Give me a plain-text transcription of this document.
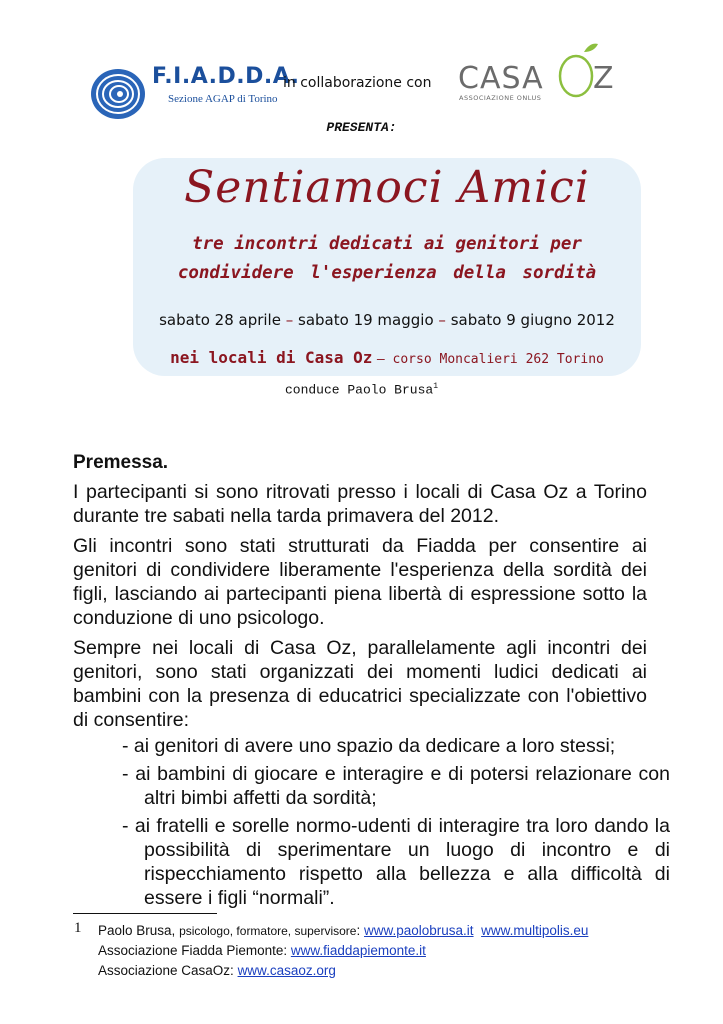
F.I.A.D.D.A.
Sezione AGAP di Torino
in collaborazione con CASA Z
ASSOCIAZIONE ONLUS
PRESENTA:
Sentiamoci Amici
tre incontri dedicati ai genitori per
condividere l'esperienza della sordità
sabato 28 aprile – sabato 19 maggio – sabato 9 giugno 2012
nei locali di Casa Oz – corso Moncalieri 262 Torino
conduce Paolo Brusa$^1$
Premessa.
I partecipanti si sono ritrovati presso i locali di Casa Oz a Torino durante tre sabati nella tarda primavera del 2012.
Gli incontri sono stati strutturati da Fiadda per consentire ai genitori di condividere liberamente l'esperienza della sordità dei figli, lasciando ai partecipanti piena libertà di espressione sotto la conduzione di uno psicologo.
Sempre nei locali di Casa Oz, parallelamente agli incontri dei genitori, sono stati organizzati dei momenti ludici dedicati ai bambini con la presenza di educatrici specializzate con l'obiettivo di consentire:
- ai genitori di avere uno spazio da dedicare a loro stessi;
- ai bambini di giocare e interagire e di potersi relazionare con altri bimbi affetti da sordità;
- ai fratelli e sorelle normo-udenti di interagire tra loro dando la possibilità di sperimentare un luogo di incontro e di rispecchiamento rispetto alla bellezza e alla difficoltà di essere i figli “normali”.
1 Paolo Brusa, psicologo, formatore, supervisore: www.paolobrusa.it www.multipolis.eu
Associazione Fiadda Piemonte: www.fiaddapiemonte.it
Associazione CasaOz: www.casaoz.org
